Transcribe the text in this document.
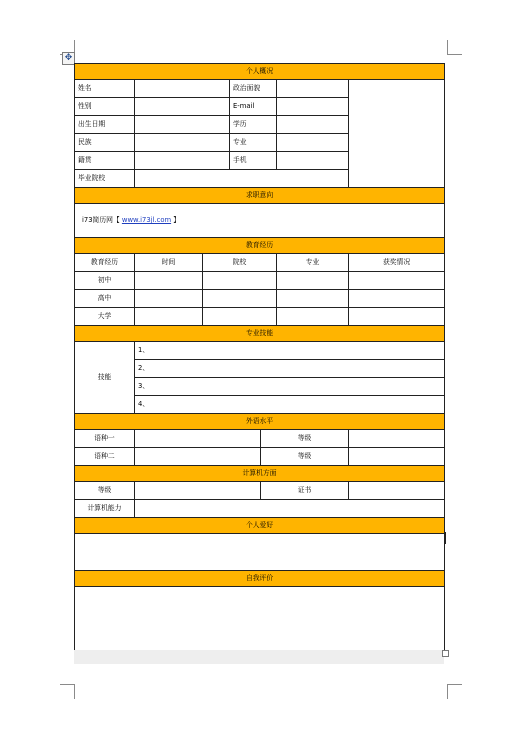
✥
个人概况						
姓名			政治面貌			
性别			E-mail			
出生日期			学历			
民族			专业			
籍贯			手机			
毕业院校						
求职意向						
i73简历网【 www.i73jl.com 】						
教育经历						
教育经历	时间	院校			专业	获奖情况
初中						
高中						
大学						
专业技能						
技能	1、					
	2、					
	3、					
	4、					
外语水平						
语种一				等级		
语种二				等级		
计算机方面						
等级				证书		
计算机能力						
个人爱好						

自我评价						
